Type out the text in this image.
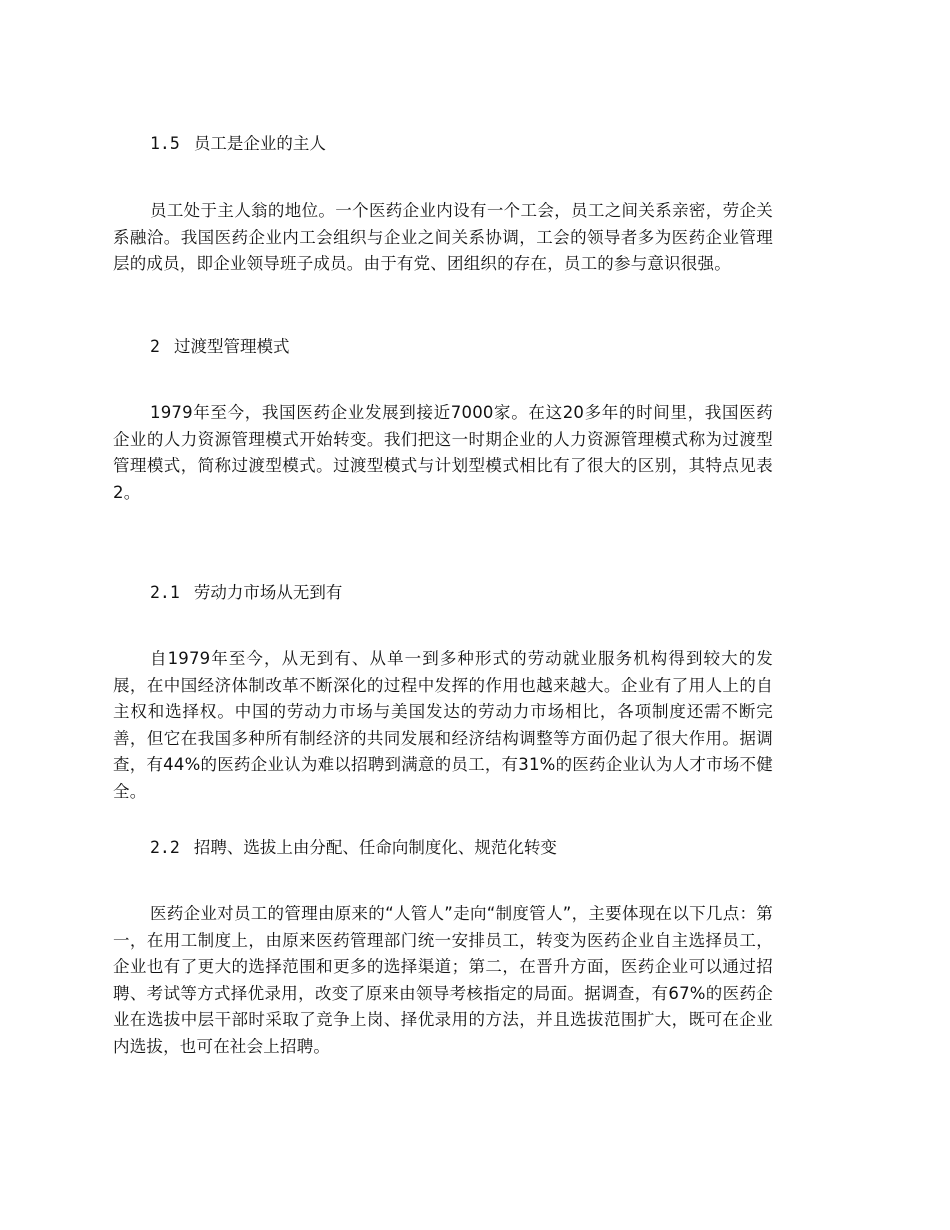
1.5 员工是企业的主人
员工处于主人翁的地位。一个医药企业内设有一个工会，员工之间关系亲密，劳企关系融洽。我国医药企业内工会组织与企业之间关系协调，工会的领导者多为医药企业管理层的成员，即企业领导班子成员。由于有党、团组织的存在，员工的参与意识很强。
2 过渡型管理模式
1979年至今，我国医药企业发展到接近7000家。在这20多年的时间里，我国医药企业的人力资源管理模式开始转变。我们把这一时期企业的人力资源管理模式称为过渡型管理模式，简称过渡型模式。过渡型模式与计划型模式相比有了很大的区别，其特点见表2。
2.1 劳动力市场从无到有
自1979年至今，从无到有、从单一到多种形式的劳动就业服务机构得到较大的发展，在中国经济体制改革不断深化的过程中发挥的作用也越来越大。企业有了用人上的自主权和选择权。中国的劳动力市场与美国发达的劳动力市场相比，各项制度还需不断完善，但它在我国多种所有制经济的共同发展和经济结构调整等方面仍起了很大作用。据调查，有44%的医药企业认为难以招聘到满意的员工，有31%的医药企业认为人才市场不健全。
2.2 招聘、选拔上由分配、任命向制度化、规范化转变
医药企业对员工的管理由原来的“人管人”走向“制度管人”，主要体现在以下几点：第一，在用工制度上，由原来医药管理部门统一安排员工，转变为医药企业自主选择员工，企业也有了更大的选择范围和更多的选择渠道；第二，在晋升方面，医药企业可以通过招聘、考试等方式择优录用，改变了原来由领导考核指定的局面。据调查，有67%的医药企业在选拔中层干部时采取了竞争上岗、择优录用的方法，并且选拔范围扩大，既可在企业内选拔，也可在社会上招聘。
